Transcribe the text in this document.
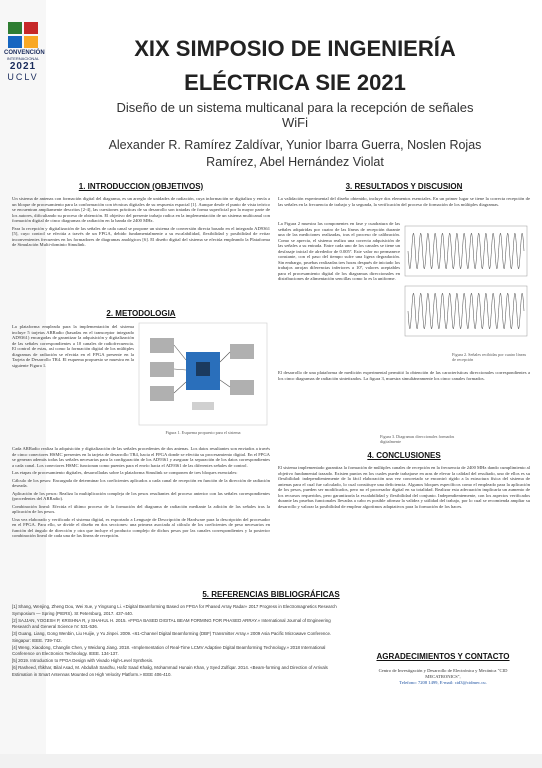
CONVENCIÓN
INTERNACIONAL
2021
UCLV
XIX SIMPOSIO DE INGENIERÍA
ELÉCTRICA SIE 2021
Diseño de un sistema multicanal para la recepción de señales
WiFi
Alexander R. Ramírez Zaldívar, Yunior Ibarra Guerra, Noslen Rojas
Ramírez, Abel Hernández Violat
1. INTRODUCCION (OBJETIVOS)

Un sistema de antenas con formación digital del diagrama, es un arreglo de unidades de radiación, cuya información se digitaliza y envía a un bloque de procesamiento para la conformación con técnicas digitales de su respuesta espacial [1]. Aunque desde el punto de vista teórico se encuentran ampliamente descritos [2-4], las cuestiones prácticas de su desarrollo son tratadas de forma superficial por la mayor parte de los autores, dificultando su proceso de obtención. El objetivo del presente trabajo radica en la implementación de un sistema multicanal con formación digital de cinco diagramas de radiación en la banda de 2400 MHz.

Para la recepción y digitalización de las señales de cada canal se propone un sistema de conversión directa basado en el integrado AD9361 [5], cuyo control se efectúa a través de un FPGA, debido fundamentalmente a su escalabilidad, flexibilidad y posibilidad de evitar inconvenientes frecuentes en los formadores de diagramas analógicos [6]. El diseño digital del sistema se efectúa empleando la Plataforma de Simulación Multi-dominio Simulink.

2. METODOLOGIA
La plataforma empleada para la implementación del sistema incluye 5 tarjetas ARRadio (basadas en el transceptor integrado AD9361) encargadas de garantizar la adquisición y digitalización de las señales correspondientes a 10 canales de radiofrecuencia. El control de estas, así como la formación digital de los múltiples diagramas de radiación se efectúa en el FPGA presente en la Tarjeta de Desarrollo TR4. El esquema propuesto se muestra en la siguiente Figura 1.
Figura 1. Esquema propuesto para el sistema

Cada ARRadio realiza la adquisición y digitalización de las señales procedentes de dos antenas. Los datos resultantes son enviados a través de cinco conectores HSMC presentes en la tarjeta de desarrollo TR4, hacia el FPGA donde se efectúa su procesamiento digital. En el FPGA se generan además todas las señales necesarias para la configuración de los AD9361 y asegurar la separación de los datos correspondientes a cada canal. Los conectores HSMC funcionan como puentes para el envío hacia el AD9361 de las diferentes señales de control.

Las etapas de procesamiento digitales, desarrolladas sobre la plataforma Simulink se componen de tres bloques esenciales:

Cálculo de los pesos: Encargada de determinar los coeficientes aplicados a cada canal de recepción en función de la dirección de radiación deseada.

Aplicación de los pesos: Realiza la multiplicación compleja de los pesos resultantes del proceso anterior con las señales correspondientes (procedentes del ARRadio).

Combinación lineal: Efectúa el último proceso de la formación del diagrama de radiación mediante la adición de las señales tras la aplicación de los pesos.

Una vez elaborado y verificado el sistema digital, es exportado a Lenguaje de Descripción de Hardware para la descripción del procesador en el FPGA. Para ello, se divide el diseño en dos secciones: una primera asociada al cálculo de los coeficientes de peso necesarios en función del ángulo de dirección y otra que incluye el producto complejo de dichos pesos por las canales correspondientes y la posterior combinación lineal de cada una de las líneas de recepción.

3. RESULTADOS Y DISCUSION
La validación experimental del diseño obtenido, incluye dos elementos esenciales. En un primer lugar se tiene la correcta recepción de las señales en la frecuencia de trabajo y la segunda, la verificación del proceso de formación de los múltiples diagramas.
La Figura 2 muestra las componentes en fase y cuadratura de las señales adquiridas por cuatro de las líneas de recepción durante una de las mediciones realizadas, tras el proceso de calibración. Como se aprecia, el sistema realiza una correcta adquisición de las señales a su entrada. Entre cada uno de los canales se tiene un desfasaje inicial de alrededor de 0.005º. Este valor no permanece constante, con el paso del tiempo sufre una ligera degradación. Sin embargo, pruebas realizadas tres horas después de iniciado los trabajos arrojan diferencias inferiores a 10º, valores aceptables para el procesamiento digital de los diagramas direccionales en distribuciones de alimentación sencillas como lo es la uniforme.
Figura 2. Señales recibidas por cuatro líneas de recepción
El desarrollo de una plataforma de medición experimental permitió la obtención de las características direccionales correspondientes a los cinco diagramas de radiación sintetizados. La figura 3, muestra simultáneamente los cinco canales formados.
Figura 3. Diagramas direccionales formados digitalmente
4. CONCLUSIONES
El sistema implementado garantiza la formación de múltiples canales de recepción en la frecuencia de 2400 MHz dando cumplimiento al objetivo fundamental trazado. Existen puntos en los cuales puede trabajarse en aras de elevar la calidad del resultado, uno de ellos es su flexibilidad: independientemente de la fácil elaboración una vez concretado se encontró rígido a la estructura física del sistema de antenas para el cual fue calculado, lo cual constituye una deficiencia. Algunos bloques específicos como el empleado para la aplicación de los pesos, pueden ser modificados, pero no el procesador digital en su totalidad. Realizar esta adecuación implicaría un aumento de los recursos requeridos, pero garantizaría la escalabilidad y flexibilidad del conjunto. Independientemente, con los aspectos verificados durante las pruebas funcionales llevadas a cabo es posible afirmar la validez y utilidad del trabajo, por lo cual se recomienda ampliar su desarrollo y valorar la posibilidad de emplear algoritmos adaptativos para la formación de los haces.
5. REFERENCIAS BIBLIOGRÁFICAS
[1] Shang, Wenjing, Zheng Dou, Wei Xue, y Yingsong Li. «Digital Beamforming Based on FPGA for Phased Array Radar» 2017 Progress in Electromagnetics Research Symposium — Spring (PIERS). St Petersburg, 2017. 437-440.
[2] SAJJAN, YOGESH P, KRISHNA R, y SHAHUL H. 2015. «FPGA BASED DIGITAL BEAM FORMING FOR PHASED ARRAY.» International Journal of Engineering Research and General Science IV: 531-536.
[3] Guang, Liang, Gong Wenbin, Liu Huijie, y Yu Jinpei. 2009. «61-Channel Digital Beamforming (DBF) Transmitter Array.» 2009 Asia Pacific Microwave Conference. Singapur: IEEE. 739-742.
[4] Weng, Xiaodong, Changlin Chen, y Weidong Jiang. 2018. «Implementation of Real-Time LCMV Adaptive Digital Beamforming Technology.» 2018 International Conference on Electronics Technology. IEEE. 134-137.
[5] 2019. Introduction to FPGA Design with Vivado High-Level Synthesis.
[6] Rasheed, Iftikhar, Bilal Asad, M. Abdullah Sandhu, Hafiz Saad Khalig, Mohammad Hunain Khan, y Syed Zulfiqar. 2014. «Beam-forming and Direction of Arrivals Estimation in Smart Antennas Mounted on High Velocity Platform.» IEEE 406-410.
AGRADECIMIENTOS Y CONTACTO
Centro de Investigación y Desarrollo de Electrónica y Mecánica "CID MECATRONICS",
Telefono: 7208 1499, E-mail: cid3@cidmec.cu.
